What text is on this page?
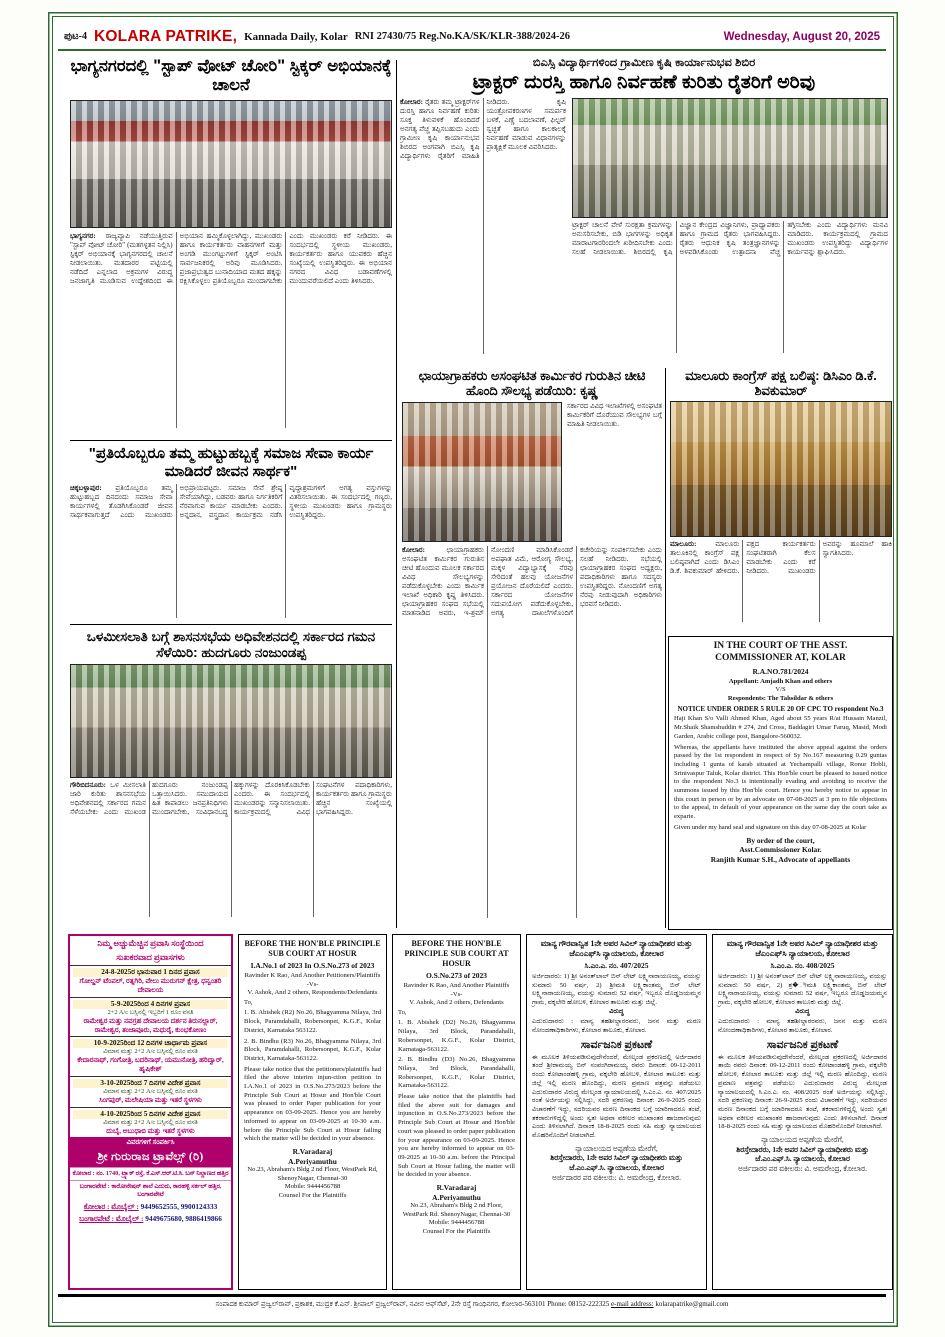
ಪುಟ-4 KOLARA PATRIKE, Kannada Daily, Kolar RNI 27430/75 Reg.No.KA/SK/KLR-388/2024-26	Wednesday, August 20, 2025
ಭಾಗ್ಯನಗರದಲ್ಲಿ "ಸ್ಟಾಪ್ ವೋಟ್ ಚೋರಿ" ಸ್ಟಿಕ್ಕರ್ ಅಭಿಯಾನಕ್ಕೆ ಚಾಲನೆ
ಭಾಗ್ಯನಗರ: ರಾಜ್ಯವ್ಯಾಪಿ ನಡೆಯುತ್ತಿರುವ "ಸ್ಟಾಪ್ ವೋಟ್ ಚೋರಿ" (ಮತಗಳ್ಳತನ ನಿಲ್ಲಿಸಿ) ಸ್ಟಿಕ್ಕರ್ ಅಭಿಯಾನಕ್ಕೆ ಭಾಗ್ಯನಗರದಲ್ಲಿ ಚಾಲನೆ ನೀಡಲಾಯಿತು. ಮತದಾರರ ಪಟ್ಟಿಯಲ್ಲಿ ನಡೆದಿದೆ ಎನ್ನಲಾದ ಅಕ್ರಮಗಳ ವಿರುದ್ಧ ಜನಜಾಗೃತಿ ಮೂಡಿಸುವ ಉದ್ದೇಶದಿಂದ ಈ ಅಭಿಯಾನ ಹಮ್ಮಿಕೊಳ್ಳಲಾಗಿದ್ದು, ಮುಖಂಡರು ಹಾಗೂ ಕಾರ್ಯಕರ್ತರು ವಾಹನಗಳಿಗೆ ಮತ್ತು ಅಂಗಡಿ ಮುಂಗಟ್ಟುಗಳಿಗೆ ಸ್ಟಿಕ್ಕರ್ ಅಂಟಿಸಿ ಸಾರ್ವಜನಿಕರಲ್ಲಿ ಅರಿವು ಮೂಡಿಸಿದರು. ಪ್ರಜಾಪ್ರಭುತ್ವದ ಬುನಾದಿಯಾದ ಮತದ ಹಕ್ಕನ್ನು ರಕ್ಷಿಸಿಕೊಳ್ಳಲು ಪ್ರತಿಯೊಬ್ಬರೂ ಮುಂದಾಗಬೇಕು ಎಂದು ಮುಖಂಡರು ಕರೆ ನೀಡಿದರು. ಈ ಸಂದರ್ಭದಲ್ಲಿ ಸ್ಥಳೀಯ ಮುಖಂಡರು, ಕಾರ್ಯಕರ್ತರು ಹಾಗೂ ಯುವಕರು ಹೆಚ್ಚಿನ ಸಂಖ್ಯೆಯಲ್ಲಿ ಉಪಸ್ಥಿತರಿದ್ದರು. ಈ ಅಭಿಯಾನ ನಗರದ ವಿವಿಧ ಬಡಾವಣೆಗಳಲ್ಲಿ ಮುಂದುವರೆಯಲಿದೆ ಎಂದು ತಿಳಿಸಿದರು.
ಬಿಎಸ್ಸಿ ವಿದ್ಯಾರ್ಥಿಗಳಿಂದ ಗ್ರಾಮೀಣ ಕೃಷಿ ಕಾರ್ಯಾನುಭವ ಶಿಬಿರ
ಟ್ರಾಕ್ಟರ್ ದುರಸ್ತಿ ಹಾಗೂ ನಿರ್ವಹಣೆ ಕುರಿತು ರೈತರಿಗೆ ಅರಿವು
ಕೋಲಾರ: ರೈತರು ತಮ್ಮ ಟ್ರಾಕ್ಟರ್‌ಗಳ ದುರಸ್ತಿ ಹಾಗೂ ನಿರ್ವಹಣೆ ಕುರಿತು ಸೂಕ್ತ ತಿಳುವಳಿಕೆ ಹೊಂದಿದರೆ ಅನಗತ್ಯ ವೆಚ್ಚ ತಪ್ಪಿಸಬಹುದು ಎಂದು ಗ್ರಾಮೀಣ ಕೃಷಿ ಕಾರ್ಯಾನುಭವ ಶಿಬಿರದ ಅಂಗವಾಗಿ ಬಿಎಸ್ಸಿ ಕೃಷಿ ವಿದ್ಯಾರ್ಥಿಗಳು ರೈತರಿಗೆ ಮಾಹಿತಿ ನೀಡಿದರು. ಕೃಷಿ ಯಂತ್ರೋಪಕರಣಗಳ ಸಮರ್ಪಕ ಬಳಕೆ, ಎಣ್ಣೆ ಬದಲಾವಣೆ, ಫಿಲ್ಟರ್ ಸ್ವಚ್ಛತೆ ಹಾಗೂ ಕಾಲಕಾಲಕ್ಕೆ ನಿರ್ವಹಣೆ ಮಾಡುವ ವಿಧಾನಗಳನ್ನು ಪ್ರಾತ್ಯಕ್ಷಿಕೆ ಮೂಲಕ ವಿವರಿಸಿದರು.
ಟ್ರಾಕ್ಟರ್ ಚಾಲನೆ ವೇಳೆ ಸುರಕ್ಷತಾ ಕ್ರಮಗಳನ್ನು ಅನುಸರಿಸಬೇಕು, ಬಿಡಿ ಭಾಗಗಳನ್ನು ಅಧಿಕೃತ ಮಾರಾಟಗಾರರಿಂದಲೇ ಖರೀದಿಸಬೇಕು ಎಂದು ಸಲಹೆ ನೀಡಲಾಯಿತು. ಶಿಬಿರದಲ್ಲಿ ಕೃಷಿ ವಿಜ್ಞಾನ ಕೇಂದ್ರದ ವಿಜ್ಞಾನಿಗಳು, ಪ್ರಾಧ್ಯಾಪಕರು ಹಾಗೂ ಗ್ರಾಮದ ರೈತರು ಭಾಗವಹಿಸಿದ್ದರು. ರೈತರು ಆಧುನಿಕ ಕೃಷಿ ತಂತ್ರಜ್ಞಾನಗಳನ್ನು ಅಳವಡಿಸಿಕೊಂಡು ಉತ್ಪಾದನಾ ವೆಚ್ಚ ತಗ್ಗಿಸಬೇಕು ಎಂದು ವಿದ್ಯಾರ್ಥಿಗಳು ಮನವಿ ಮಾಡಿದರು. ಕಾರ್ಯಕ್ರಮದಲ್ಲಿ ಗ್ರಾಮದ ಮುಖಂಡರು ಉಪಸ್ಥಿತರಿದ್ದು ವಿದ್ಯಾರ್ಥಿಗಳ ಕಾರ್ಯವನ್ನು ಶ್ಲಾಘಿಸಿದರು.
"ಪ್ರತಿಯೊಬ್ಬರೂ ತಮ್ಮ ಹುಟ್ಟುಹಬ್ಬಕ್ಕೆ ಸಮಾಜ ಸೇವಾ ಕಾರ್ಯ ಮಾಡಿದರೆ ಜೀವನ ಸಾರ್ಥಕ"
ಚಿಕ್ಕಬಳ್ಳಾಪುರ: ಪ್ರತಿಯೊಬ್ಬರೂ ತಮ್ಮ ಹುಟ್ಟುಹಬ್ಬದ ದಿನದಂದು ಸಮಾಜ ಸೇವಾ ಕಾರ್ಯಗಳಲ್ಲಿ ತೊಡಗಿಸಿಕೊಂಡರೆ ಜೀವನ ಸಾರ್ಥಕವಾಗುತ್ತದೆ ಎಂದು ಮುಖಂಡರು ಅಭಿಪ್ರಾಯಪಟ್ಟರು. ಸಮಾಜ ಸೇವೆ ಶ್ರೇಷ್ಠ ಸೇವೆಯಾಗಿದ್ದು, ಬಡವರು ಹಾಗೂ ನಿರ್ಗತಿಕರಿಗೆ ನೆರವಾಗುವ ಕಾರ್ಯ ಮಾಡಬೇಕು ಎಂದರು. ಅನ್ನದಾನ, ವಸ್ತ್ರದಾನ ಕಾರ್ಯಕ್ರಮ ನಡೆಸಿ ವೃದ್ಧಾಶ್ರಮಗಳಿಗೆ ಅಗತ್ಯ ವಸ್ತುಗಳನ್ನು ವಿತರಿಸಲಾಯಿತು. ಈ ಸಂದರ್ಭದಲ್ಲಿ ಗಣ್ಯರು, ಸ್ಥಳೀಯ ಮುಖಂಡರು ಹಾಗೂ ಗ್ರಾಮಸ್ಥರು ಉಪಸ್ಥಿತರಿದ್ದರು.
ಒಳಮೀಸಲಾತಿ ಬಗ್ಗೆ ಶಾಸನಸಭೆಯ ಅಧಿವೇಶನದಲ್ಲಿ ಸರ್ಕಾರದ ಗಮನ ಸೆಳೆಯಿರಿ: ಹುದಗೂರು ನಂಜುಂಡಪ್ಪ
ಗೌರಿಬಿದನೂರು: ಒಳ ಮೀಸಲಾತಿ ಜಾರಿ ಕುರಿತು ಶಾಸನಸಭೆಯ ಅಧಿವೇಶನದಲ್ಲಿ ಸರ್ಕಾರದ ಗಮನ ಸೆಳೆಯಬೇಕು ಎಂದು ಮುಖಂಡ ಹುದಗೂರು ನಂಜುಂಡಪ್ಪ ಒತ್ತಾಯಿಸಿದರು. ಸಮುದಾಯದ ಹಿತ ಕಾಪಾಡಲು ಜನಪ್ರತಿನಿಧಿಗಳು ಮುಂದಾಗಬೇಕು, ಸಂವಿಧಾನಬದ್ಧ ಹಕ್ಕುಗಳನ್ನು ದೊರಕಿಸಿಕೊಡಬೇಕು ಎಂದರು. ಈ ಸಂದರ್ಭದಲ್ಲಿ ಮುಖಂಡರನ್ನು ಸನ್ಮಾನಿಸಲಾಯಿತು. ಕಾರ್ಯಕ್ರಮದಲ್ಲಿ ವಿವಿಧ ಸಂಘಟನೆಗಳ ಪದಾಧಿಕಾರಿಗಳು, ಕಾರ್ಯಕರ್ತರು ಹಾಗೂ ಗ್ರಾಮಸ್ಥರು ಹೆಚ್ಚಿನ ಸಂಖ್ಯೆಯಲ್ಲಿ ಭಾಗವಹಿಸಿದ್ದರು.
ಛಾಯಾಗ್ರಾಹಕರು ಅಸಂಘಟಿತ ಕಾರ್ಮಿಕರ ಗುರುತಿನ ಚೀಟಿ ಹೊಂದಿ ಸೌಲಭ್ಯ ಪಡೆಯಿರಿ: ಕೃಷ್ಣ
ಸರ್ಕಾರದ ವಿವಿಧ ಇಲಾಖೆಗಳಲ್ಲಿ ಅಸಂಘಟಿತ ಕಾರ್ಮಿಕರಿಗೆ ದೊರೆಯುವ ಸೌಲಭ್ಯಗಳ ಬಗ್ಗೆ ಮಾಹಿತಿ ನೀಡಲಾಯಿತು.
ಕೋಲಾರ:	ಛಾಯಾಗ್ರಾಹಕರು ಅಸಂಘಟಿತ ಕಾರ್ಮಿಕರ ಗುರುತಿನ ಚೀಟಿ ಹೊಂದುವ ಮೂಲಕ ಸರ್ಕಾರದ ವಿವಿಧ ಸೌಲಭ್ಯಗಳನ್ನು ಪಡೆದುಕೊಳ್ಳಬೇಕು ಎಂದು ಕಾರ್ಮಿಕ ಇಲಾಖೆ ಅಧಿಕಾರಿ ಕೃಷ್ಣ ತಿಳಿಸಿದರು. ಛಾಯಾಗ್ರಾಹಕರ ಸಂಘದ ಸಭೆಯಲ್ಲಿ ಮಾತನಾಡಿದ ಅವರು, ಇ-ಶ್ರಮ್ ನೋಂದಣಿ ಮಾಡಿಸಿಕೊಂಡರೆ ಅಪಘಾತ ವಿಮೆ, ಆರೋಗ್ಯ ಸೌಲಭ್ಯ, ಮಕ್ಕಳ ವಿದ್ಯಾಭ್ಯಾಸಕ್ಕೆ ನೆರವು ಸೇರಿದಂತೆ ಹಲವು ಯೋಜನೆಗಳ ಪ್ರಯೋಜನ ದೊರೆಯಲಿದೆ ಎಂದರು. ಸರ್ಕಾರದ ಯೋಜನೆಗಳ ಸದುಪಯೋಗ ಪಡೆದುಕೊಳ್ಳಬೇಕು, ಅಗತ್ಯ ದಾಖಲೆಗಳೊಂದಿಗೆ ಕಚೇರಿಯನ್ನು ಸಂಪರ್ಕಿಸಬೇಕು ಎಂದು ಸಲಹೆ ನೀಡಿದರು. ಸಭೆಯಲ್ಲಿ ಛಾಯಾಗ್ರಾಹಕರ ಸಂಘದ ಅಧ್ಯಕ್ಷರು, ಪದಾಧಿಕಾರಿಗಳು ಹಾಗೂ ಸದಸ್ಯರು ಉಪಸ್ಥಿತರಿದ್ದರು. ನೋಂದಣಿಗೆ ಅಗತ್ಯ ನೆರವು ನೀಡುವುದಾಗಿ ಅಧಿಕಾರಿಗಳು ಭರವಸೆ ನೀಡಿದರು.
ಮಾಲೂರು ಕಾಂಗ್ರೆಸ್ ಪಕ್ಷ ಬಲಿಷ್ಠ: ಡಿಸಿಎಂ ಡಿ.ಕೆ. ಶಿವಕುಮಾರ್
ಮಾಲೂರು:	ಮಾಲೂರು ತಾಲೂಕಿನಲ್ಲಿ ಕಾಂಗ್ರೆಸ್ ಪಕ್ಷ ಬಲಿಷ್ಠವಾಗಿದೆ ಎಂದು ಡಿಸಿಎಂ ಡಿ.ಕೆ. ಶಿವಕುಮಾರ್ ಹೇಳಿದರು. ಪಕ್ಷದ ಕಾರ್ಯಕರ್ತರು ಸಂಘಟಿತರಾಗಿ ಕೆಲಸ ಮಾಡಬೇಕು ಎಂದು ಕರೆ ನೀಡಿದರು. ಮುಖಂಡರು ಅವರನ್ನು ಹೂಮಾಲೆ ಹಾಕಿ ಸ್ವಾಗತಿಸಿದರು.
IN THE COURT OF THE ASST.
COMMISSIONER AT, KOLAR
R.A.NO.781/2024
Appellant: Amjadh Khan and others
V/S
Respondents: The Tahsildar & others
NOTICE UNDER ORDER 5 RULE 20 OF CPC TO respondent No.3
Haji Khan S/o Valli Ahmed Khan, Aged about 55 years R/at Hussain Manzil, Mr.Shaik Shamshuddin # 274, 2nd Cross, Baddagiri Umar Faruq, Masid, Modi Garden, Arabic college post, Bangalore-560032.
Whereas, the appellants have instituted the above appeal against the orders passed by the 1st respondent in respect of Sy No.167 measuring 0.29 guntas including 1 gunta of karab situated at Yechampalli village, Ronur Hobli, Srinivaspur Taluk, Kolar district. This Hon'ble court be pleased to issued notice to the respondent No.3 is intentionally evading and avoiding to receive the summons issued by this Hon'ble court. Hence you hereby notice to appear in this court in person or by an advocate on 07-08-2025 at 3 pm to file objections to the appeal, in default of your appearance on the same day the court take as exparte.
Given under my hand seal and signature on this day 07-08-2025 at Kolar
By order of the court,
Asst.Commissioner Kolar.
Ranjith Kumar S.H., Advocate of appellants
ನಿಮ್ಮ ಅಚ್ಚುಮೆಚ್ಚಿನ ಪ್ರವಾಸಿ ಸಂಸ್ಥೆಯಿಂದ
ಸುಖಕರವಾದ ಪ್ರವಾಸಗಳು
24-8-2025ರ ಭಾನುವಾರ 1 ದಿನದ ಪ್ರವಾಸ
ಗೋಲ್ಡನ್ ಟೆಂಪಲ್, ರತ್ನಗಿರಿ, ವೇಲು ಮುರುಗನ್ ಕ್ಷೇತ್ರ, ಧನ್ವಂತರಿ ದೇವಾಲಯ
5-9-2025ರಿಂದ 4 ದಿನಗಳ ಪ್ರವಾಸ
2+2 A/c ಬಸ್ಸಿನಲ್ಲಿ ಇಬ್ಬರಿಗೆ 1 ರೂಂ ವಸತಿ
ರಾಮೇಶ್ವರ ಮತ್ತು ನವಗ್ರಹ ದೇವಾಲಯ ದರ್ಶನ ತಿರುನಲ್ಲಾರ್, ರಾಮೇಶ್ವರ, ತಂಜಾವೂರು, ಮಧುರೈ, ಕುಂಭಕೋಣಂ
10-9-2025ರಿಂದ 12 ದಿನಗಳ ಚಾರ್ಧಾಮ ಪ್ರವಾಸ
ವಿಮಾನ ಮತ್ತು 2+2 A/c ಬಸ್ಸಿನಲ್ಲಿ ರೂಂ ವಸತಿ
ಕೇದಾರನಾಥ್, ಗಂಗೋತ್ರಿ, ಬದರಿನಾಥ್, ಯಮುನೋತ್ರಿ, ಹರಿದ್ವಾರ್, ಹೃಷಿಕೇಶ್
3-10-2025ರಿಂದ 7 ದಿನಗಳ ವಿದೇಶ ಪ್ರವಾಸ
ವಿಮಾನ ಮತ್ತು 2+2 A/c ಬಸ್ಸಿನಲ್ಲಿ ರೂಂ ವಸತಿ
ಸಿಂಗಪುರ್, ಮಲೇಷಿಯಾ ಮತ್ತು ಇತರೆ ಸ್ಥಳಗಳು
4-10-2025ರಿಂದ 5 ದಿನಗಳ ವಿದೇಶ ಪ್ರವಾಸ
ವಿಮಾನ ಮತ್ತು 2+2 A/c ಬಸ್ಸಿನಲ್ಲಿ ರೂಂ ವಸತಿ
ದುಬೈ, ಅಬುಧಾಬಿ ಮತ್ತು ಇತರೆ ಸ್ಥಳಗಳು
ವಿವರಗಳಿಗೆ ಸಂಪರ್ಕಿಸಿ
ಶ್ರೀ ಗುರುರಾಜ ಟ್ರಾವೆಲ್ಸ್ (ರಿ)
ಕೋಲಾರ : ನಂ. 1740, ಟ್ರ್ಯಾಕ್ ರಸ್ತೆ, ಕೆ.ಎಸ್.ಆರ್.ಟಿ.ಸಿ. ಬಸ್ ನಿಲ್ದಾಣದ ಹತ್ತಿರ
ಬಂಗಾರಪೇಟೆ : ಕಾರೋನೇಷನ್ ಶಾಲೆ ಎದುರು, ಕಾರಹಳ್ಳಿ ಸರ್ಕಲ್ ಹತ್ತಿರ, ಬಂಗಾರಪೇಟೆ
ಕೋಲಾರ : ಮೊಬೈಲ್ : 9449652555, 9900124333
ಬಂಗಾರಪೇಟೆ : ಮೊಬೈಲ್ : 9449675680, 9886419866
BEFORE THE HON'BLE PRINCIPLE SUB COURT AT HOSUR
I.A.No.1 of 2023 In O.S.No.273 of 2023
Ravinder K Rao, And Another Petitioners/Plaintiffs
-Vs-
V. Ashok, And 2 others, Respondents/Defendants
To,
1. B. Abishek (R2) No.26, Bhagyamma Nilaya, 3rd Block, Paramdahalli, Robersonpet, K.G.F., Kolar District, Karnataka 563122.
2. B. Bindhu (R3) No.26, Bhagyamma Nilaya, 3rd Block, Paramdahalli, Robersonpet, K.G.F., Kolar District, Karnataka-563122.
Please take notice that the petitioners/plaintiffs had filed the above interim injun-ction petition in I.A.No.1 of 2023 in O.S.No.273/2023 before the Principle Sub Court at Hosur and Hon'ble Court was pleased to order Paper publication for your appearance on 03-09-2025. Hence you are hereby informed to appear on 03-09-2025 at 10-30 a.m. before the Principle Sub Court at Hosur failing which the matter will be decided in your absence.
R.Varadaraj
A.Periyamuthu
No.23, Abraham's Bldg 2 nd Floor, WestPark Rd, ShenoyNagar, Chennai-30
Mobile: 9444456788
Counsel For the Plaintiffs
BEFORE THE HON'BLE PRINCIPLE SUB COURT AT HOSUR
O.S.No.273 of 2023
Ravinder K Rao, And Another Plaintiffs
-Vs-
V. Ashok, And 2 others, Defendants
To,
1. B. Abishek (D2) No.26, Bhagyamma Nilaya, 3rd Block, Parandahalli, Robersonpet, K.G.F., Kolar District, Karnataga-563122.
2. B. Bindhu (D3) No.26, Bhagyamma Nilaya, 3rd Block, Parandahalli, Robersonpet, K.G.F., Kolar District, Karnataka-563122.
Please take notice that the plaintiffs had filed the above suit for damages and injunction in O.S.No.273/2023 before the Principle Sub Court at Hosur and Hon'ble court was pleased to order paper publication for your appearance on 03-09-2025. Hence you are hereby informed to appear on 03-09-2025 at 10-30 a.m. before the Principal Sub Court at Hosur failing, the matter will be decided in your absence.
R.Varadaraj
A.Periyamuthu
No.23, Abraham's Bldg 2 nd Floor, WestPark Rd. ShenoyNagar, Chennai-30
Mobile: 9444456788
Counsel For the Plaintiffs
ಮಾನ್ಯ ಗೌರವಾನ್ವಿತ 1ನೇ ಅಪರ ಸಿವಿಲ್ ನ್ಯಾಯಾಧೀಶರ ಮತ್ತು ಜೆಎಂಎಫ್‌ಸಿ ನ್ಯಾಯಾಲಯ, ಕೋಲಾರ
ಸಿ.ಎಂ.ಎ. ನಂ. 407/2025
ಅರ್ಜಿದಾರರು: 1) ಶ್ರೀ ಅನಂತ್‌ಲಾಲ್ ಬಿನ್ ಲೇಟ್ ಲಕ್ಷ್ಮಿನಾರಾಯಣಯ್ಯ, ವಯಸ್ಸು ಸುಮಾರು 50 ವರ್ಷ, 2) ಶ್ರೀಮತಿ ಲಕ್ಷ್ಮಿಕಾಂತಮ್ಮ ಬಿನ್ ಲೇಟ್ ಲಕ್ಷ್ಮಿನಾರಾಯಣಯ್ಯ, ವಯಸ್ಸು ಸುಮಾರು 52 ವರ್ಷ, ಇಬ್ಬರೂ ದೊಡ್ಡಜಯಮ್ಮನ ಗ್ರಾಮ, ವಕ್ಕಲೇರಿ ಹೋಬಳಿ, ಕೋಲಾರ ತಾಲೂಕು ಮತ್ತು ಜಿಲ್ಲೆ.
ವಿರುದ್ಧ
ಎದುರುದಾರರು : ಮಾನ್ಯ ತಹಶೀಲ್ದಾರರವರು, ಜನನ ಮತ್ತು ಮರಣ ನೋಂದಣಾಧಿಕಾರಿಗಳು, ಕೋಲಾರ ತಾಲೂಕು, ಕೋಲಾರ.
ಸಾರ್ವಜನಿಕ ಪ್ರಕಟಣೆ
ಈ ಮೂಲಕ ತಿಳಿಯಪಡಿಸುವುದೇನೆಂದರೆ, ಮೇಲ್ಕಂಡ ಪ್ರಕರಣದಲ್ಲಿ ಅರ್ಜಿದಾರರ ತಂದೆ ಶ್ರೀರಾಮಯ್ಯ ಬಿನ್ ಸಂಪಂಗಿರಾಮಯ್ಯ ರವರು ದಿನಾಂಕ: 09-12-2011 ರಂದು ಕೋಟಾಂಡಹಳ್ಳಿ ಗ್ರಾಮ, ವಕ್ಕಲೇರಿ ಹೋಬಳಿ, ಕೋಲಾರ ತಾಲೂಕು ಮತ್ತು ಜಿಲ್ಲೆ ಇಲ್ಲಿ ಮರಣ ಹೊಂದಿದ್ದು, ಮರಣ ಪ್ರಮಾಣ ಪತ್ರವನ್ನು ಪಡೆಯಲು ಎದುರುದಾರರ ವಿರುದ್ಧ ಮೇಲ್ಕಂಡ ನ್ಯಾಯಾಲಯದಲ್ಲಿ ಸಿ.ಎಂ.ಎ. ನಂ. 407/2025 ರಂತೆ ಅರ್ಜಿಯನ್ನು ಸಲ್ಲಿಸಿದ್ದು, ಸದರಿ ಪ್ರಕರಣವು ದಿನಾಂಕ: 26-9-2025 ರಂದು ವಿಚಾರಣೆಗೆ ಇದ್ದು, ಸದರಿಯವರ ಮರಣ ದಿನಾಂಕದ ಬಗ್ಗೆ ಯಾರಿಗಾದರೂ ತಂಟೆ, ತಕರಾರುಗಳಿದ್ದಲ್ಲಿ ಅಂದು ಸ್ವತಃ ಅಥವಾ ವಕೀಲರ ಮುಖಾಂತರ ಹಾಜರಾಗುವುದು ಎಂದು ತಿಳಿಸಲಾಗಿದೆ. ದಿನಾಂಕ 18-8-2025 ರಂದು ಸಹಿ ಮತ್ತು ನ್ಯಾಯಾಲಯದ ಮೊಹರಿನೊಂದಿಗೆ ನೀಡಲಾಗಿದೆ.
ನ್ಯಾಯಾಲಯದ ಅಪ್ಪಣೆಯ ಮೇರೆಗೆ,
ಶಿರಸ್ತೇದಾರರು, 1ನೇ ಅಪರ ಸಿವಿಲ್ ನ್ಯಾಯಾಧೀಶರು ಮತ್ತು ಜೆ.ಎಂ.ಎಫ್.ಸಿ. ನ್ಯಾಯಾಲಯ, ಕೋಲಾರ
ಅರ್ಜಿದಾರರ ಪರ ವಕೀಲರು: ವಿ. ಅಮರೇಂದ್ರ, ಕೋಲಾರ.
ಮಾನ್ಯ ಗೌರವಾನ್ವಿತ 1ನೇ ಅಪರ ಸಿವಿಲ್ ನ್ಯಾಯಾಧೀಶರ ಮತ್ತು ಜೆಎಂಎಫ್‌ಸಿ ನ್ಯಾಯಾಲಯ, ಕೋಲಾರ
ಸಿ.ಎಂ.ಎ. ನಂ. 408/2025
ಅರ್ಜಿದಾರರು: 1) ಶ್ರೀ ಅನಂತ್‌ಲಾಲ್ ಬಿನ್ ಲೇಟ್ ಲಕ್ಷ್ಮಿನಾರಾಯಣಯ್ಯ, ವಯಸ್ಸು ಸುಮಾರು 50 ವರ್ಷ, 2) ಶ್ರ�ೀಮತಿ ಲಕ್ಷ್ಮಿಕಾಂತಮ್ಮ ಬಿನ್ ಲೇಟ್ ಲಕ್ಷ್ಮಿನಾರಾಯಣಯ್ಯ, ವಯಸ್ಸು ಸುಮಾರು 52 ವರ್ಷ, ಇಬ್ಬರೂ ದೊಡ್ಡಜಯಮ್ಮನ ಗ್ರಾಮ, ವಕ್ಕಲೇರಿ ಹೋಬಳಿ, ಕೋಲಾರ ತಾಲೂಕು ಮತ್ತು ಜಿಲ್ಲೆ.
ವಿರುದ್ಧ
ಎದುರುದಾರರು : ಮಾನ್ಯ ತಹಶೀಲ್ದಾರರವರು, ಜನನ ಮತ್ತು ಮರಣ ನೋಂದಣಾಧಿಕಾರಿಗಳು, ಕೋಲಾರ ತಾಲೂಕು, ಕೋಲಾರ.
ಸಾರ್ವಜನಿಕ ಪ್ರಕಟಣೆ
ಈ ಮೂಲಕ ತಿಳಿಯಪಡಿಸುವುದೇನೆಂದರೆ, ಮೇಲ್ಕಂಡ ಪ್ರಕರಣದಲ್ಲಿ ಅರ್ಜಿದಾರರ ತಾಯಿ ರವರು ದಿನಾಂಕ: 09-12-2011 ರಂದು ಕೋಟಾಂಡಹಳ್ಳಿ ಗ್ರಾಮ, ವಕ್ಕಲೇರಿ ಹೋಬಳಿ, ಕೋಲಾರ ತಾಲೂಕು ಮತ್ತು ಜಿಲ್ಲೆ ಇಲ್ಲಿ ಮರಣ ಹೊಂದಿದ್ದು, ಮರಣ ಪ್ರಮಾಣ ಪತ್ರವನ್ನು ಪಡೆಯಲು ಎದುರುದಾರರ ವಿರುದ್ಧ ಮೇಲ್ಕಂಡ ನ್ಯಾಯಾಲಯದಲ್ಲಿ ಸಿ.ಎಂ.ಎ. ನಂ. 408/2025 ರಂತೆ ಅರ್ಜಿಯನ್ನು ಸಲ್ಲಿಸಿದ್ದು, ಸದರಿ ಪ್ರಕರಣವು ದಿನಾಂಕ: 26-9-2025 ರಂದು ವಿಚಾರಣೆಗೆ ಇದ್ದು, ಸದರಿಯವರ ಮರಣ ದಿನಾಂಕದ ಬಗ್ಗೆ ಯಾರಿಗಾದರೂ ತಂಟೆ, ತಕರಾರುಗಳಿದ್ದಲ್ಲಿ ಅಂದು ಸ್ವತಃ ಅಥವಾ ವಕೀಲರ ಮುಖಾಂತರ ಹಾಜರಾಗುವುದು ಎಂದು ತಿಳಿಸಲಾಗಿದೆ. ದಿನಾಂಕ 18-8-2025 ರಂದು ಸಹಿ ಮತ್ತು ನ್ಯಾಯಾಲಯದ ಮೊಹರಿನೊಂದಿಗೆ ನೀಡಲಾಗಿದೆ.
ನ್ಯಾಯಾಲಯದ ಅಪ್ಪಣೆಯ ಮೇರೆಗೆ,
ಶಿರಸ್ತೇದಾರರು, 1ನೇ ಅಪರ ಸಿವಿಲ್ ನ್ಯಾಯಾಧೀಶರು ಮತ್ತು ಜೆ.ಎಂ.ಎಫ್.ಸಿ. ನ್ಯಾಯಾಲಯ, ಕೋಲಾರ
ಅರ್ಜಿದಾರರ ಪರ ವಕೀಲರು: ವಿ. ಅಮರೇಂದ್ರ, ಕೋಲಾರ.
ಸಂಪಾದಕ ಕುಮಾರ್ ಪ್ರಜ್ವಲ್‌ರಾವ್, ಪ್ರಕಾಶಕ, ಮುದ್ರಕ ಕೆ.ಎನ್. ಶ್ರೀಪಾಲ್ ಪ್ರಜ್ವಲ್‌ರಾವ್, ನವೀನ ಆಫ್‌ಸೆಟ್, 2ನೇ ರಸ್ತೆ ಗಾಂಧಿನಗರ, ಕೋಲಾರ-563101 Phone: 08152-222325 e-mail address: kolarapatrike@gmail.com
